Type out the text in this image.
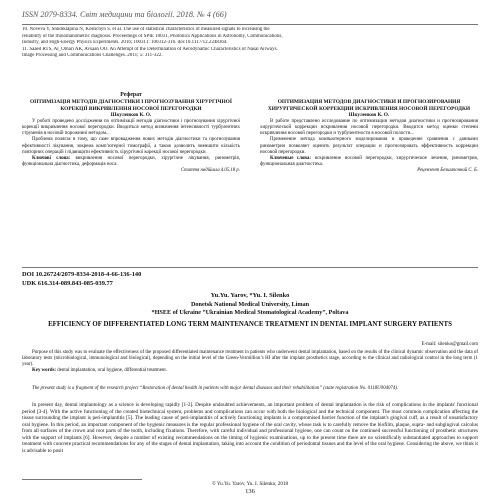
ISSN 2079-8334. Світ медицини та біології. 2018. № 4 (66)
10. Noveva Y, Shndiklapina N, Kostichyn S. et al. The use of statistical characteristics of measured signals to increasing the
reliability of the rhinomanometric diagnosis. Proceedings of SPIE 10031, Photonics Applications in Astronomy, Communications,
Industry, and High-Energy Physics Experiments. 2016; 100311: 100312-316. doi:10.1117/12.2248364.
11. Saaed RTS, Al_Omari AK, Avsaan OO. An Attempt of the Determination of Aerodynamic Characteristics of Nasal Airways.
Image Processing and Communications Challenges. 2011; 5: 311-322.
Реферат
ОПТИМІЗАЦІЯ МЕТОДІВ ДІАГНОСТИКИ І ПРОГНОЗУВАННЯ ХІРУРГІЧНОЇ КОРЕКЦІЇ ВИКРИВЛЕННЯ НОСОВОЇ ПЕРЕГОРОДКИ
Шкуленков К. О.

У роботі проведено дослідження по оптимізації методів діагностики і прогнозування хірургічної корекції викривлення носової перегородки. Вводиться метод визначення інтенсивності турбулентних струменів в носовій порожнині методом...

Проблема полягає в тому, що саме впровадження нових методів діагностики та прогнозування ефективності лікування, зокрема комп’ютерної томографії, а також дозволить зменшити кількість повторних операцій і підвищити ефективність хірургічної корекції носової перегородки.

Ключові слова: викривлення носової перегородки, хірургічне лікування, ринометрія, функціональна діагностика, деформація носа.

Стаття надійшла 4.05.18 р.

ОПТИМИЗАЦИЯ МЕТОДОВ ДИАГНОСТИКИ И ПРОГНОЗИРОВАНИЯ ХИРУРГИЧЕСКОЙ КОРРЕКЦИИ ИСКРИВЛЕНИЯ НОСОВОЙ ПЕРЕГОРОДКИ
Шкуленков К. О.

В работе представлено исследование по оптимизации методов диагностики и прогнозирования хирургической коррекции искривления носовой перегородки. Вводится метод оценки степени искривления носовой перегородки и турбулентности в носовой полости...

Применение метода компьютерного моделирования и проведение сравнения с данными ринометрии позволяет оценить результат операции и прогнозировать эффективность коррекции носовой перегородки.

Ключевые слова: искривление носовой перегородки, хирургическое лечение, ринометрия, функциональная диагностика.

Рецензент Безшапочний С. Б.
DOI 10.26724/2079-8334-2018-4-66-136-140
UDK 616.314-089.843-085-039.77
Yu.Yu. Yarov, *Yu. I. Silenko
Donetsk National Medical University, Liman
*HSEE of Ukraine “Ukrainian Medical Stomatological Academy”, Poltava
EFFICIENCY OF DIFFERENTIATED LONG TERM MAINTENANCE TREATMENT IN DENTAL IMPLANT SURGERY PATIENTS
E-mail: silenko@gmail.com

Purpose of this study was to evaluate the effectiveness of the proposed differentiated maintenance treatment in patients who underwent dental implantation, based on the results of the clinical dynamic observation and the data of laboratory tests (microbiological, immunological and biological), depending on the initial level of the Green-Vermillion’s HI after the implant prosthetics stage, according to the clinical and radiological control in the long term (1 year).

Key words: dental implantation, oral hygiene, differential treatment.

The present study is a fragment of the research project “Restoration of dental health in patients with major dental diseases and their rehabilitation” (state registration No. 0118U004074).

In present day, dental implantology as a science is developing rapidly [1-2]. Despite undoubted achievements, an important problem of dental implantation is the risk of complications in the implants' functional period [3-4]. With the active functioning of the created biotechnical system, problems and complications can occur with both the biological and the technical component. The most common complication affecting the tissue surrounding the implant is peri-implantitis [5]. The leading cause of peri-implantitis of actively functioning implants is a compromised barrier function of the implant's gingival cuff, as a result of unsatisfactory oral hygiene. In this period, an important component of the hygienic measures is the regular professional hygiene of the oral cavity, whose task is to carefully remove the biofilm, plaque, supra- and subgingival calculus from all surfaces of the crown and root parts of the tooth, including fixations. Therefore, with careful individual and professional hygiene, one can count on the continued successful functioning of prosthetic structures with the support of implants [6]. However, despite a number of existing recommendations on the timing of hygienic examinations, up to the present time there are no scientifically substantiated approaches to support treatment with concrete practical recommendations for any of the stages of dental implantation, taking into account the condition of periodontal tissues and the level of the oral hygiene. Considering the above, we think it is advisable to posit

© Yu.Yu. Yarov, Yu. I. Silenko, 2018
136
